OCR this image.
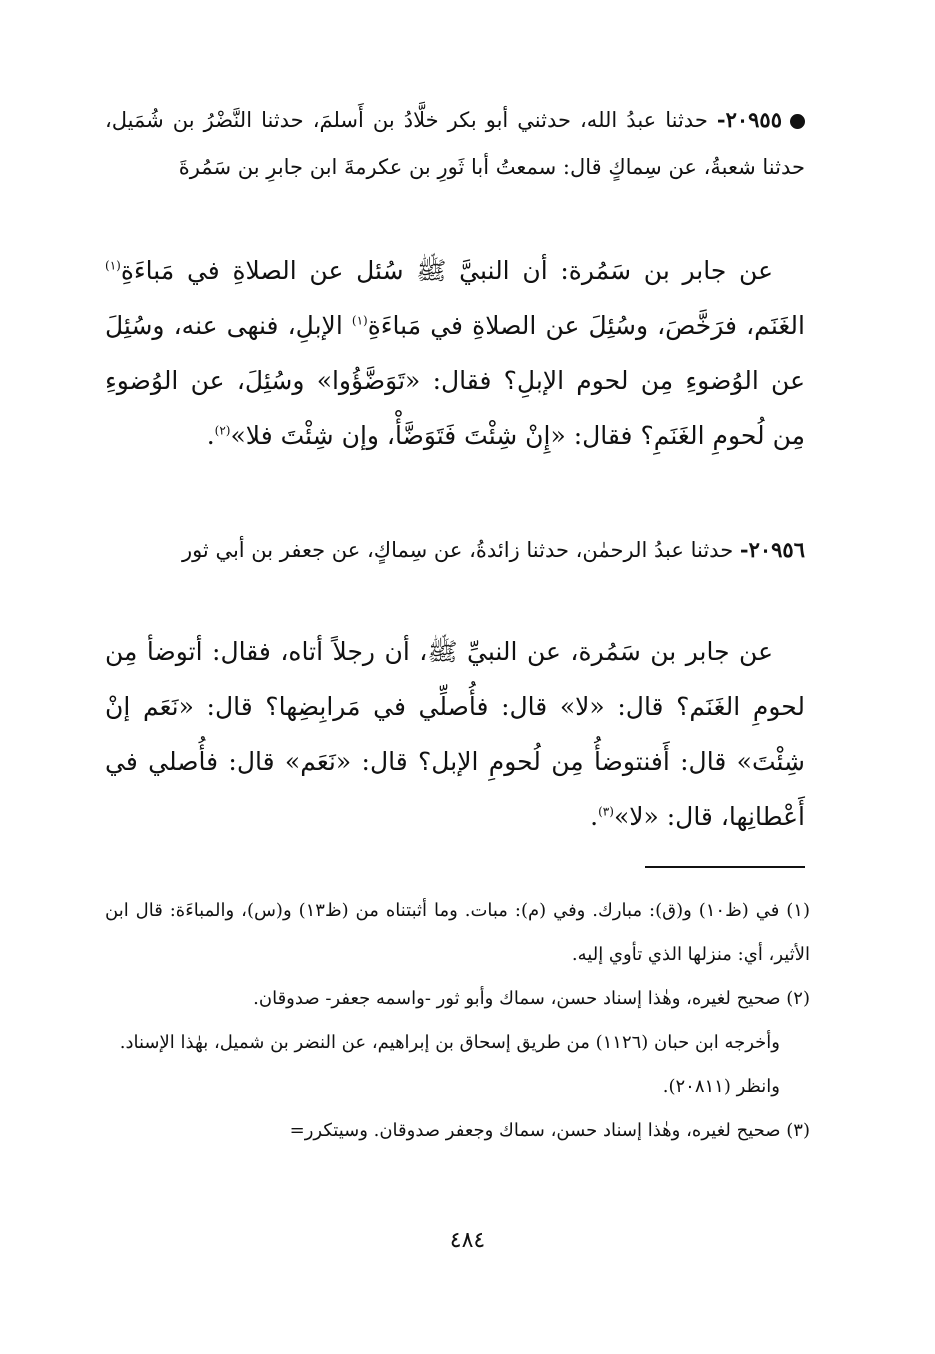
٢٠٩٥٥- حدثنا عبدُ الله، حدثني أبو بكر خلَّادُ بن أَسلمَ، حدثنا النَّضْرُ بن شُمَيل، حدثنا شعبةُ، عن سِماكٍ قال: سمعتُ أبا ثَورِ بن عكرمةَ ابن جابرِ بن سَمُرةَ
عن جابر بن سَمُرة: أن النبيَّ ﷺ سُئل عن الصلاةِ في مَباءَةِ$^{(١)}$ الغَنَم، فرَخَّصَ، وسُئِلَ عن الصلاةِ في مَباءَةِ$^{(١)}$ الإبلِ، فنهى عنه، وسُئِلَ عن الوُضوءِ مِن لحوم الإبلِ؟ فقال: «تَوَضَّؤُوا» وسُئِلَ، عن الوُضوءِ مِن لُحومِ الغَنَمِ؟ فقال: «إِنْ شِئْتَ فَتَوَضَّأْ، وإن شِئْتَ فلا»$^{(٢)}$.
٢٠٩٥٦- حدثنا عبدُ الرحمٰن، حدثنا زائدةُ، عن سِماكٍ، عن جعفر بن أبي ثور
عن جابر بن سَمُرة، عن النبيِّ ﷺ، أن رجلاً أتاه، فقال: أتوضأ مِن لحومِ الغَنَم؟ قال: «لا» قال: فأُصلِّي في مَرابِضِها؟ قال: «نَعَم إنْ شِئْتَ» قال: أَفنتوضأُ مِن لُحومِ الإبل؟ قال: «نَعَم» قال: فأُصلي في أَعْطانِها، قال: «لا»$^{(٣)}$.
(١) في (ظ١٠) و(ق): مبارك. وفي (م): مبات. وما أثبتناه من (ظ١٣) و(س)، والمباءَة: قال ابن الأثير، أي: منزلها الذي تأوي إليه.
(٢) صحيح لغيره، وهٰذا إسناد حسن، سماك وأبو ثور -واسمه جعفر- صدوقان.
وأخرجه ابن حبان (١١٢٦) من طريق إسحاق بن إبراهيم، عن النضر بن شميل، بهٰذا الإسناد.
وانظر (٢٠٨١١).
(٣) صحيح لغيره، وهٰذا إسناد حسن، سماك وجعفر صدوقان. وسيتكرر=
٤٨٤
